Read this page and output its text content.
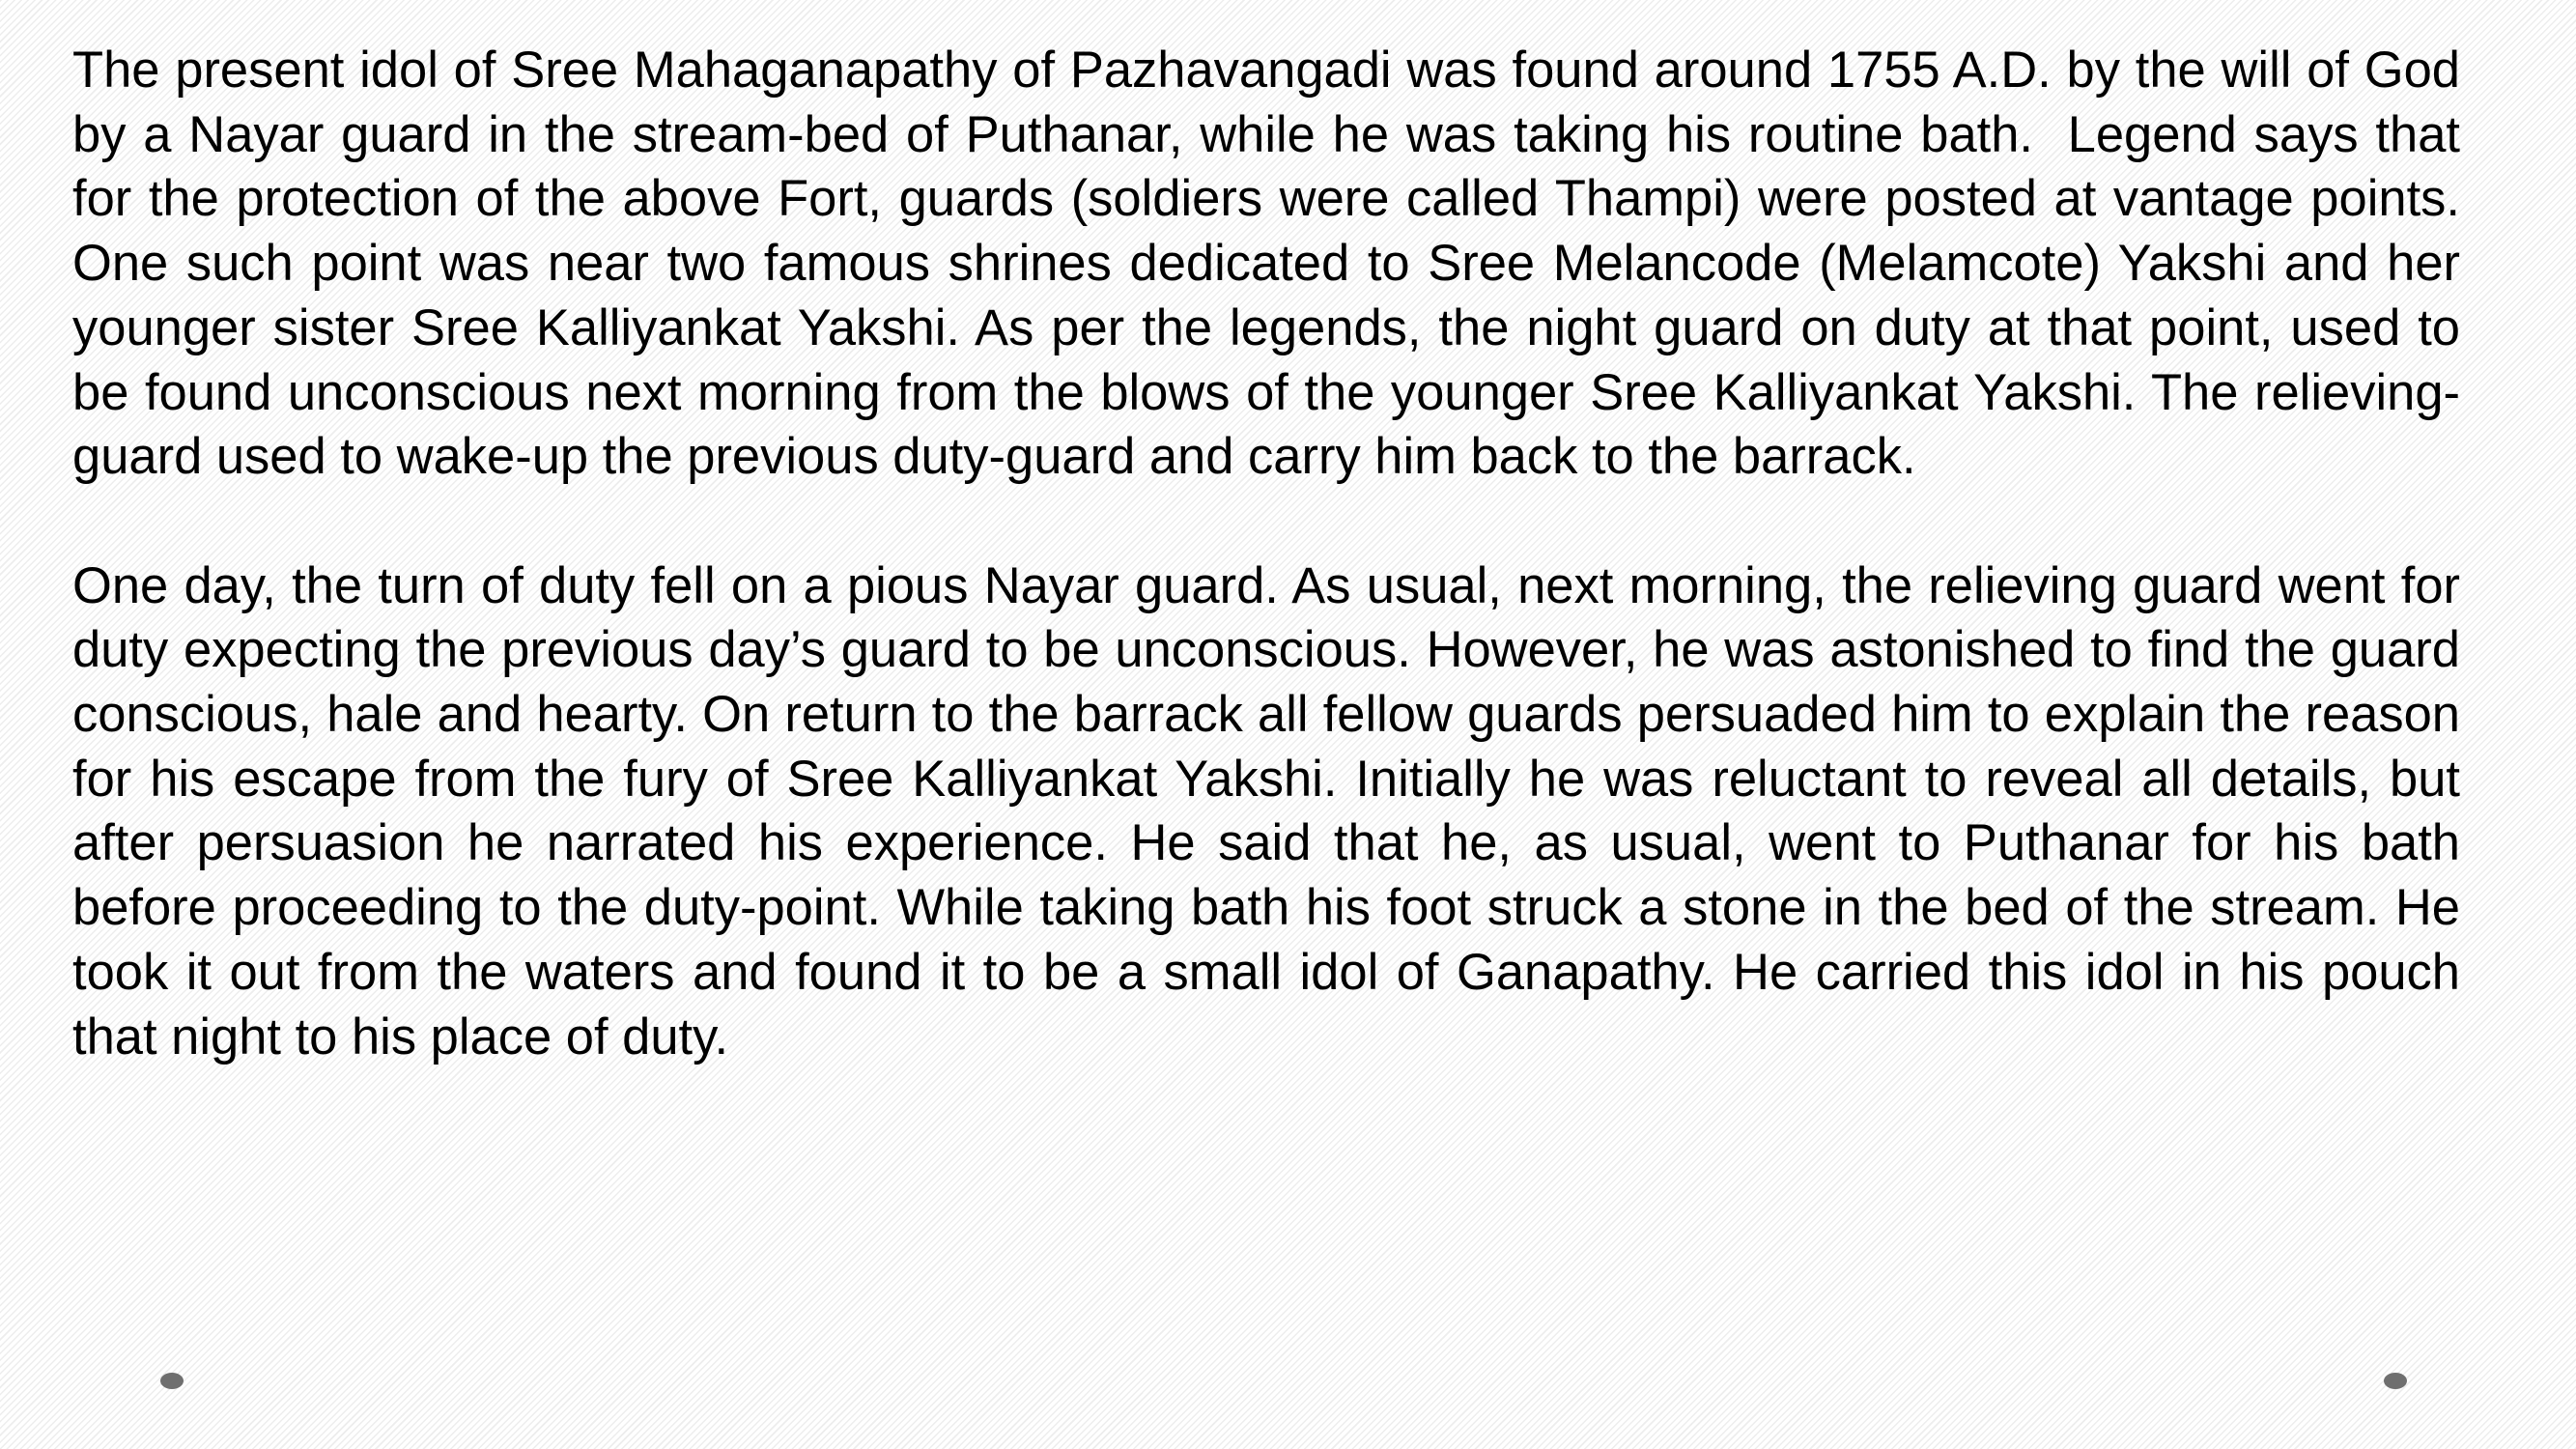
The present idol of Sree Mahaganapathy of Pazhavangadi was found around 1755 A.D. by the will of God by a Nayar guard in the stream-bed of Puthanar, while he was taking his routine bath.  Legend says that for the protection of the above Fort, guards (soldiers were called Thampi) were posted at vantage points. One such point was near two famous shrines dedicated to Sree Melancode (Melamcote) Yakshi and her younger sister Sree Kalliyankat Yakshi. As per the legends, the night guard on duty at that point, used to be found unconscious next morning from the blows of the younger Sree Kalliyankat Yakshi. The relieving-guard used to wake-up the previous duty-guard and carry him back to the barrack.

One day, the turn of duty fell on a pious Nayar guard. As usual, next morning, the relieving guard went for duty expecting the previous day’s guard to be unconscious. However, he was astonished to find the guard conscious, hale and hearty. On return to the barrack all fellow guards persuaded him to explain the reason for his escape from the fury of Sree Kalliyankat Yakshi. Initially he was reluctant to reveal all details, but after persuasion he narrated his experience. He said that he, as usual, went to Puthanar for his bath before proceeding to the duty-point. While taking bath his foot struck a stone in the bed of the stream. He took it out from the waters and found it to be a small idol of Ganapathy. He carried this idol in his pouch that night to his place of duty.
